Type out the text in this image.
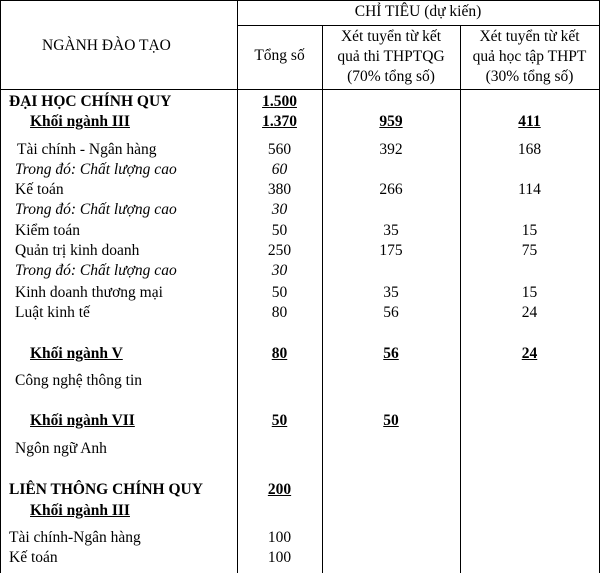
NGÀNH ĐÀO TẠO
CHỈ TIÊU (dự kiến)
Tổng số
Xét tuyển từ kết
quả thi THPTQG
(70% tổng số)
Xét tuyển từ kết
quả học tập THPT
(30% tổng số)
ĐẠI HỌC CHÍNH QUY	1.500
Khối ngành III	1.370	959	411
Tài chính - Ngân hàng	560	392	168
Trong đó: Chất lượng cao	60
Kế toán	380	266	114
Trong đó: Chất lượng cao	30
Kiểm toán	50	35	15
Quản trị kinh doanh	250	175	75
Trong đó: Chất lượng cao	30
Kinh doanh thương mại	50	35	15
Luật kinh tế	80	56	24
Khối ngành V	80	56	24
Công nghệ thông tin
Khối ngành VII	50	50
Ngôn ngữ Anh
LIÊN THÔNG CHÍNH QUY	200
Khối ngành III
Tài chính-Ngân hàng	100
Kế toán	100
